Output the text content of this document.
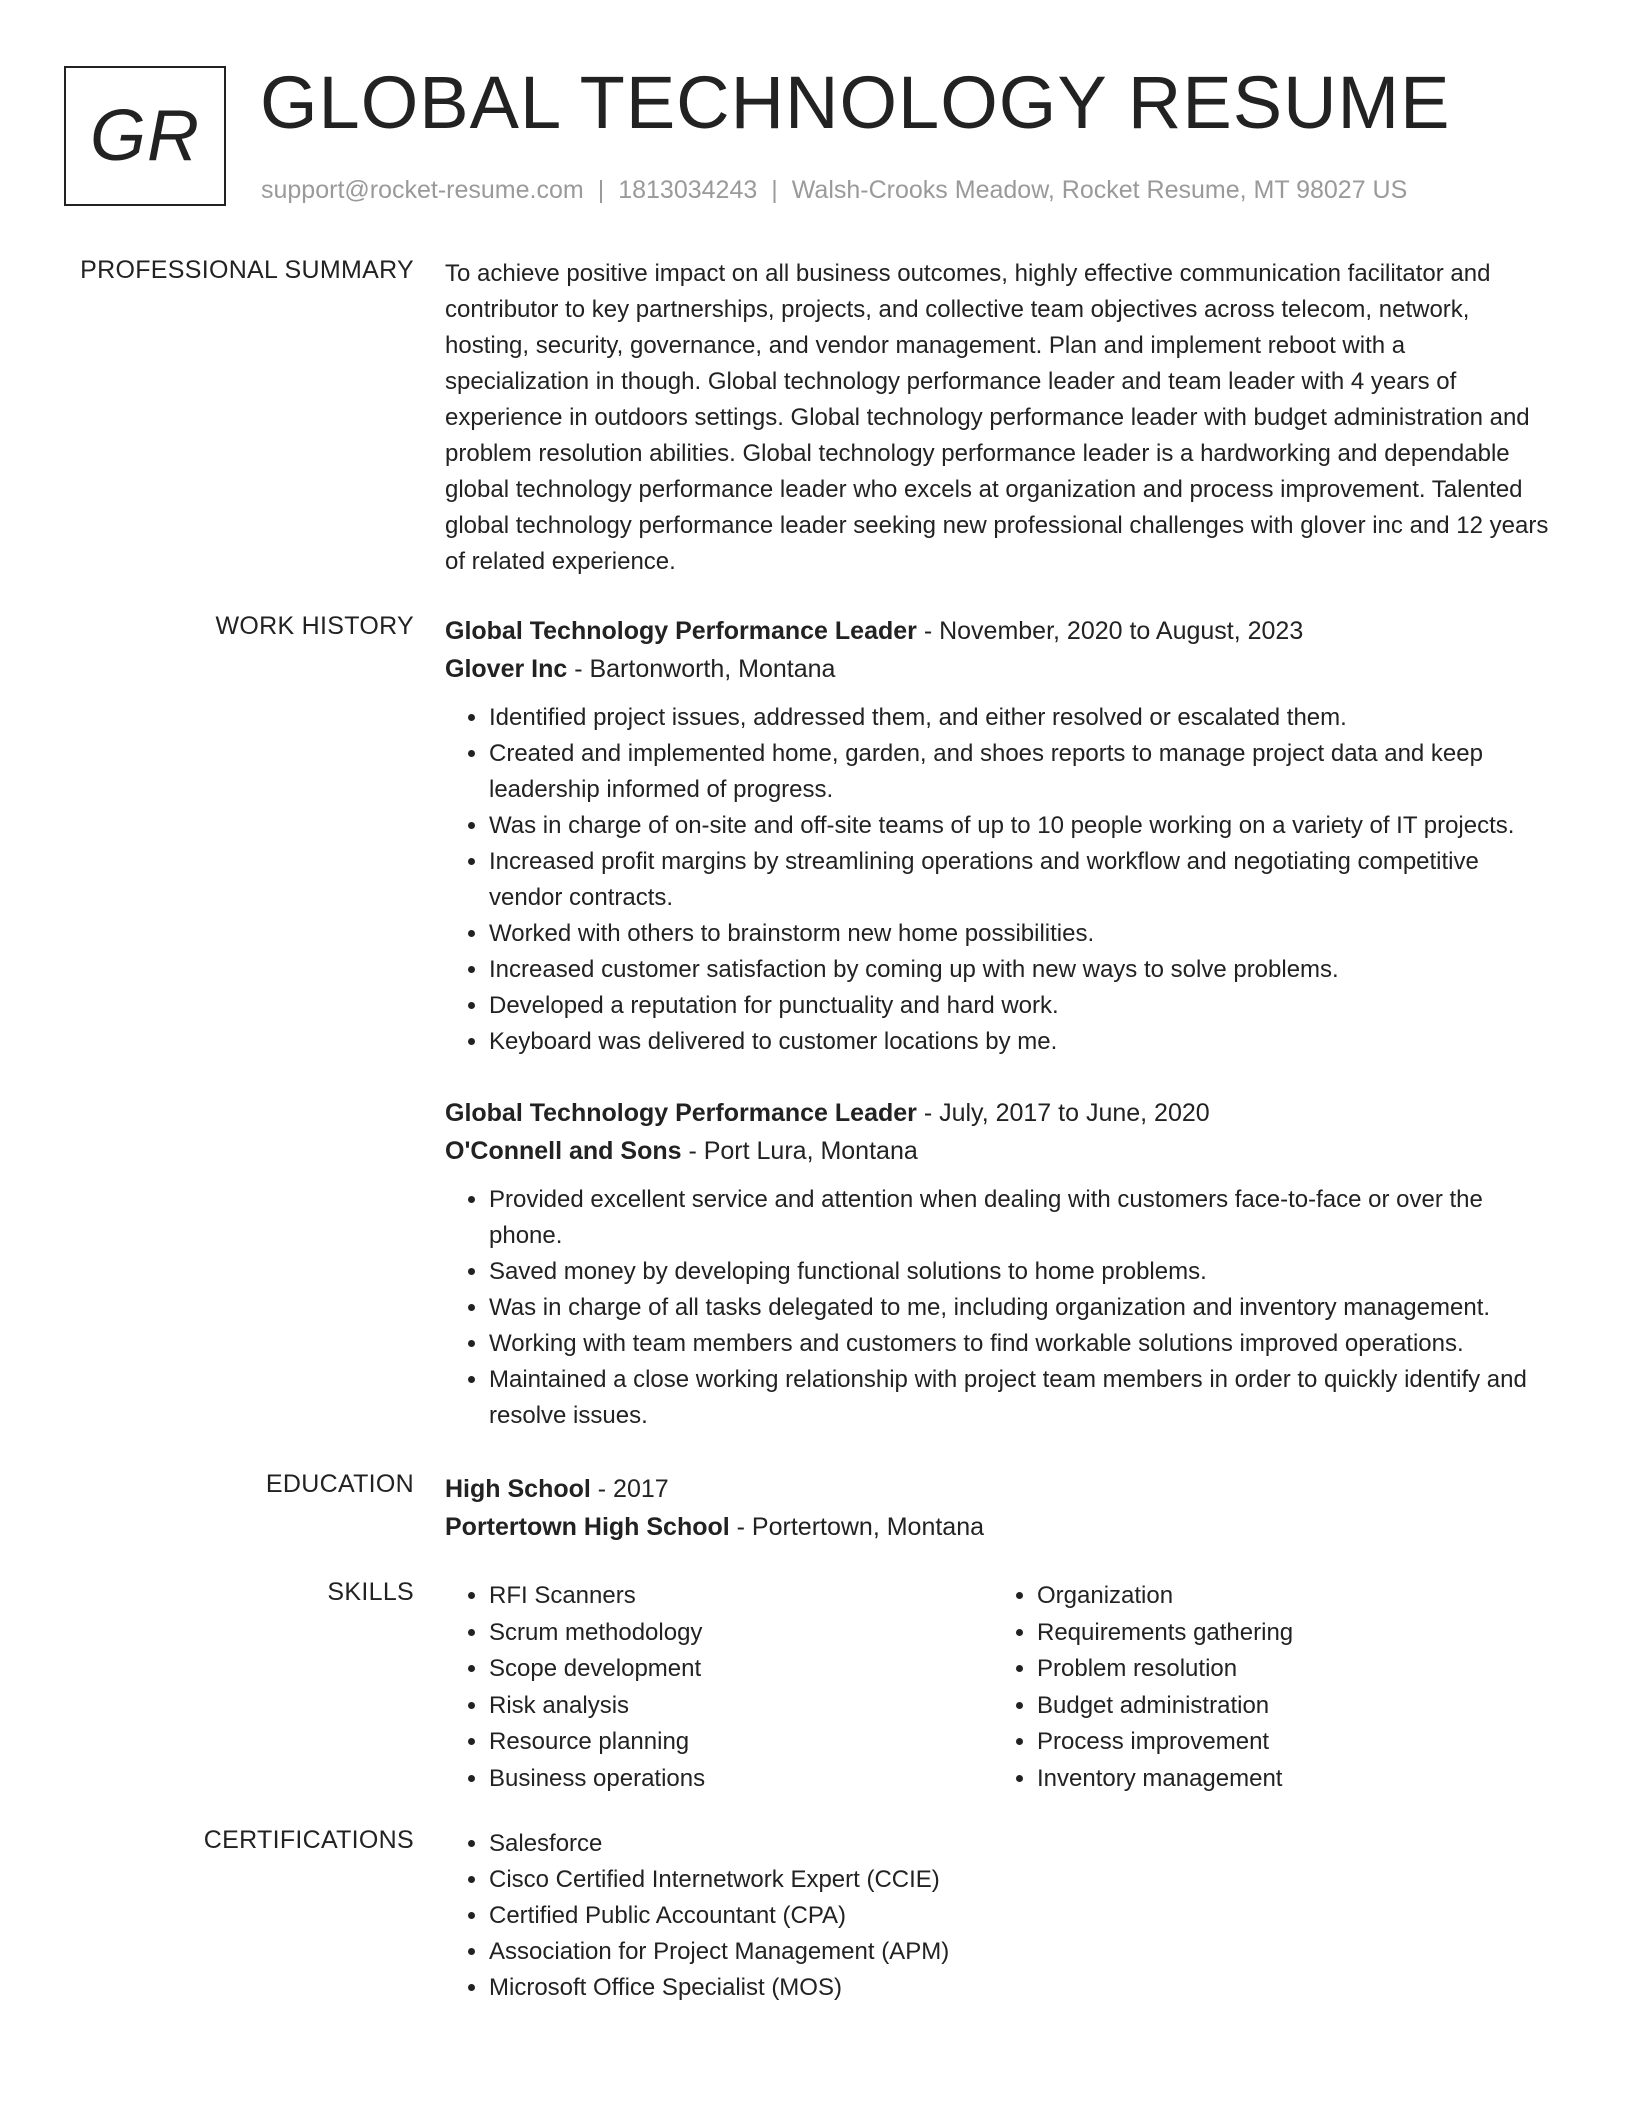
GR GLOBAL TECHNOLOGY RESUME
support@rocket-resume.com | 1813034243 | Walsh-Crooks Meadow, Rocket Resume, MT 98027 US
PROFESSIONAL SUMMARY To achieve positive impact on all business outcomes, highly effective communication facilitator and contributor to key partnerships, projects, and collective team objectives across telecom, network, hosting, security, governance, and vendor management. Plan and implement reboot with a specialization in though. Global technology performance leader and team leader with 4 years of experience in outdoors settings. Global technology performance leader with budget administration and problem resolution abilities. Global technology performance leader is a hardworking and dependable global technology performance leader who excels at organization and process improvement. Talented global technology performance leader seeking new professional challenges with glover inc and 12 years of related experience.

WORK HISTORY Global Technology Performance Leader - November, 2020 to August, 2023
Glover Inc - Bartonworth, Montana
• Identified project issues, addressed them, and either resolved or escalated them.
• Created and implemented home, garden, and shoes reports to manage project data and keep leadership informed of progress.
• Was in charge of on-site and off-site teams of up to 10 people working on a variety of IT projects.
• Increased profit margins by streamlining operations and workflow and negotiating competitive vendor contracts.
• Worked with others to brainstorm new home possibilities.
• Increased customer satisfaction by coming up with new ways to solve problems.
• Developed a reputation for punctuality and hard work.
• Keyboard was delivered to customer locations by me.
Global Technology Performance Leader - July, 2017 to June, 2020
O'Connell and Sons - Port Lura, Montana
• Provided excellent service and attention when dealing with customers face-to-face or over the phone.
• Saved money by developing functional solutions to home problems.
• Was in charge of all tasks delegated to me, including organization and inventory management.
• Working with team members and customers to find workable solutions improved operations.
• Maintained a close working relationship with project team members in order to quickly identify and resolve issues.
EDUCATION High School - 2017
Portertown High School - Portertown, Montana
SKILLS	• RFI Scanners
• Scrum methodology
• Scope development
• Risk analysis
• Resource planning
• Business operations
• Organization
• Requirements gathering
• Problem resolution
• Budget administration
• Process improvement
• Inventory management
CERTIFICATIONS	• Salesforce
• Cisco Certified Internetwork Expert (CCIE)
• Certified Public Accountant (CPA)
• Association for Project Management (APM)
• Microsoft Office Specialist (MOS)
